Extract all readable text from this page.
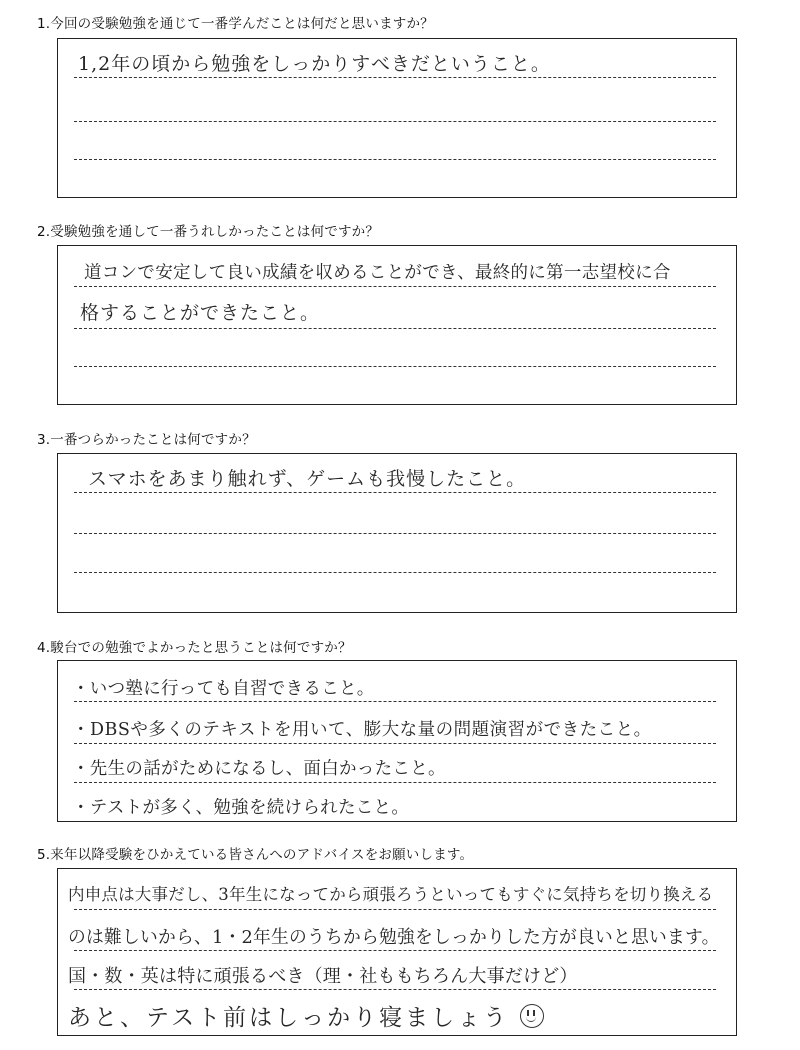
1.今回の受験勉強を通じて一番学んだことは何だと思いますか？
1,2年の頃から勉強をしっかりすべきだということ。
2.受験勉強を通して一番うれしかったことは何ですか？
道コンで安定して良い成績を収めることができ、最終的に第一志望校に合
格することができたこと。
3.一番つらかったことは何ですか？
スマホをあまり触れず、ゲームも我慢したこと。
4.駿台での勉強でよかったと思うことは何ですか？
・いつ塾に行っても自習できること。
・DBSや多くのテキストを用いて、膨大な量の問題演習ができたこと。
・先生の話がためになるし、面白かったこと。
・テストが多く、勉強を続けられたこと。
5.来年以降受験をひかえている皆さんへのアドバイスをお願いします。
内申点は大事だし、3年生になってから頑張ろうといってもすぐに気持ちを切り換える
のは難しいから、1・2年生のうちから勉強をしっかりした方が良いと思います。
国・数・英は特に頑張るべき（理・社ももちろん大事だけど）
あと、テスト前はしっかり寝ましょう
